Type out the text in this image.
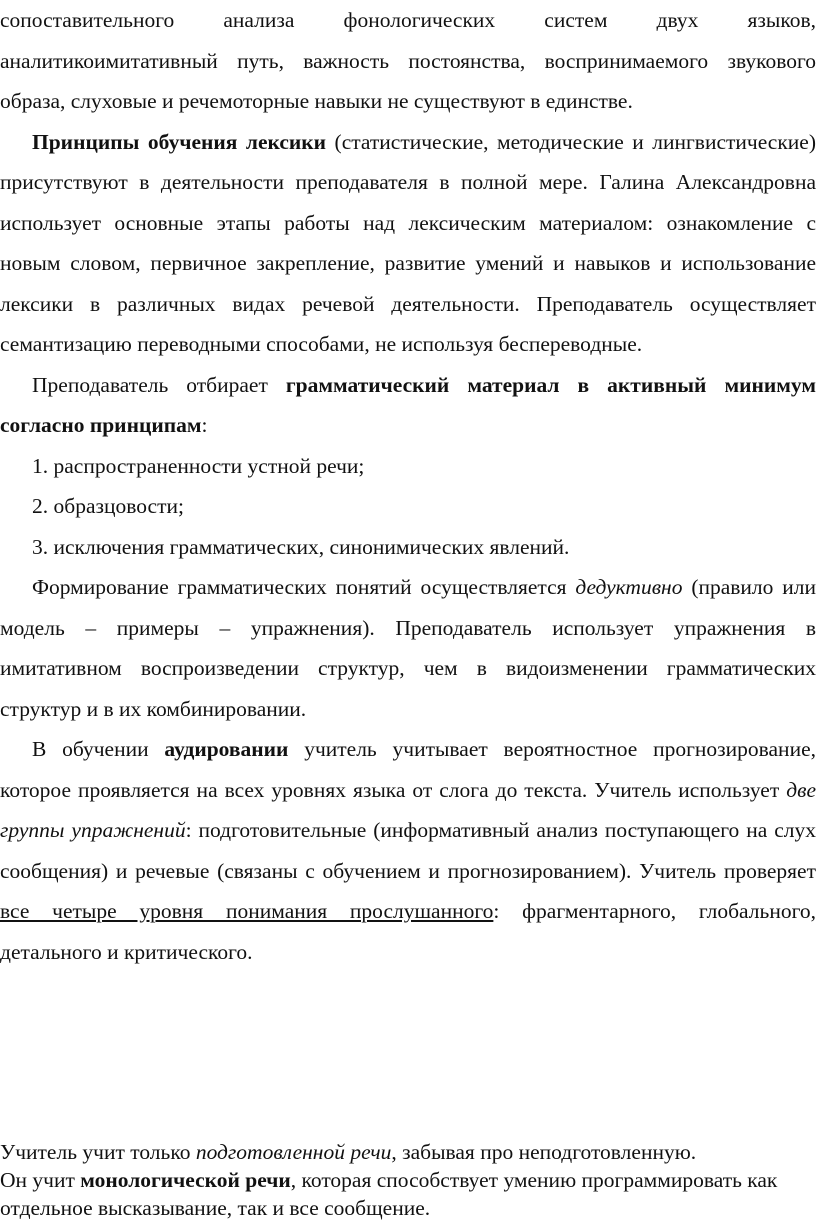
сопоставительного анализа фонологических систем двух языков, аналитикоимитативный путь, важность постоянства, воспринимаемого звукового образа, слуховые и речемоторные навыки не существуют в единстве.

Принципы обучения лексики (статистические, методические и лингвистические) присутствуют в деятельности преподавателя в полной мере. Галина Александровна использует основные этапы работы над лексическим материалом: ознакомление с новым словом, первичное закрепление, развитие умений и навыков и использование лексики в различных видах речевой деятельности. Преподаватель осуществляет семантизацию переводными способами, не используя беспереводные.

Преподаватель отбирает грамматический материал в активный минимум согласно принципам:

1. распространенности устной речи;

2. образцовости;

3. исключения грамматических, синонимических явлений.

Формирование грамматических понятий осуществляется дедуктивно (правило или модель – примеры – упражнения). Преподаватель использует упражнения в имитативном воспроизведении структур, чем в видоизменении грамматических структур и в их комбинировании.

В обучении аудировании учитель учитывает вероятностное прогнозирование, которое проявляется на всех уровнях языка от слога до текста. Учитель использует две группы упражнений: подготовительные (информативный анализ поступающего на слух сообщения) и речевые (связаны с обучением и прогнозированием). Учитель проверяет все четыре уровня понимания прослушанного: фрагментарного, глобального, детального и критического.

Учитель учит только подготовленной речи, забывая про неподготовленную.

Он учит монологической речи, которая способствует умению программировать как отдельное высказывание, так и все сообщение.
